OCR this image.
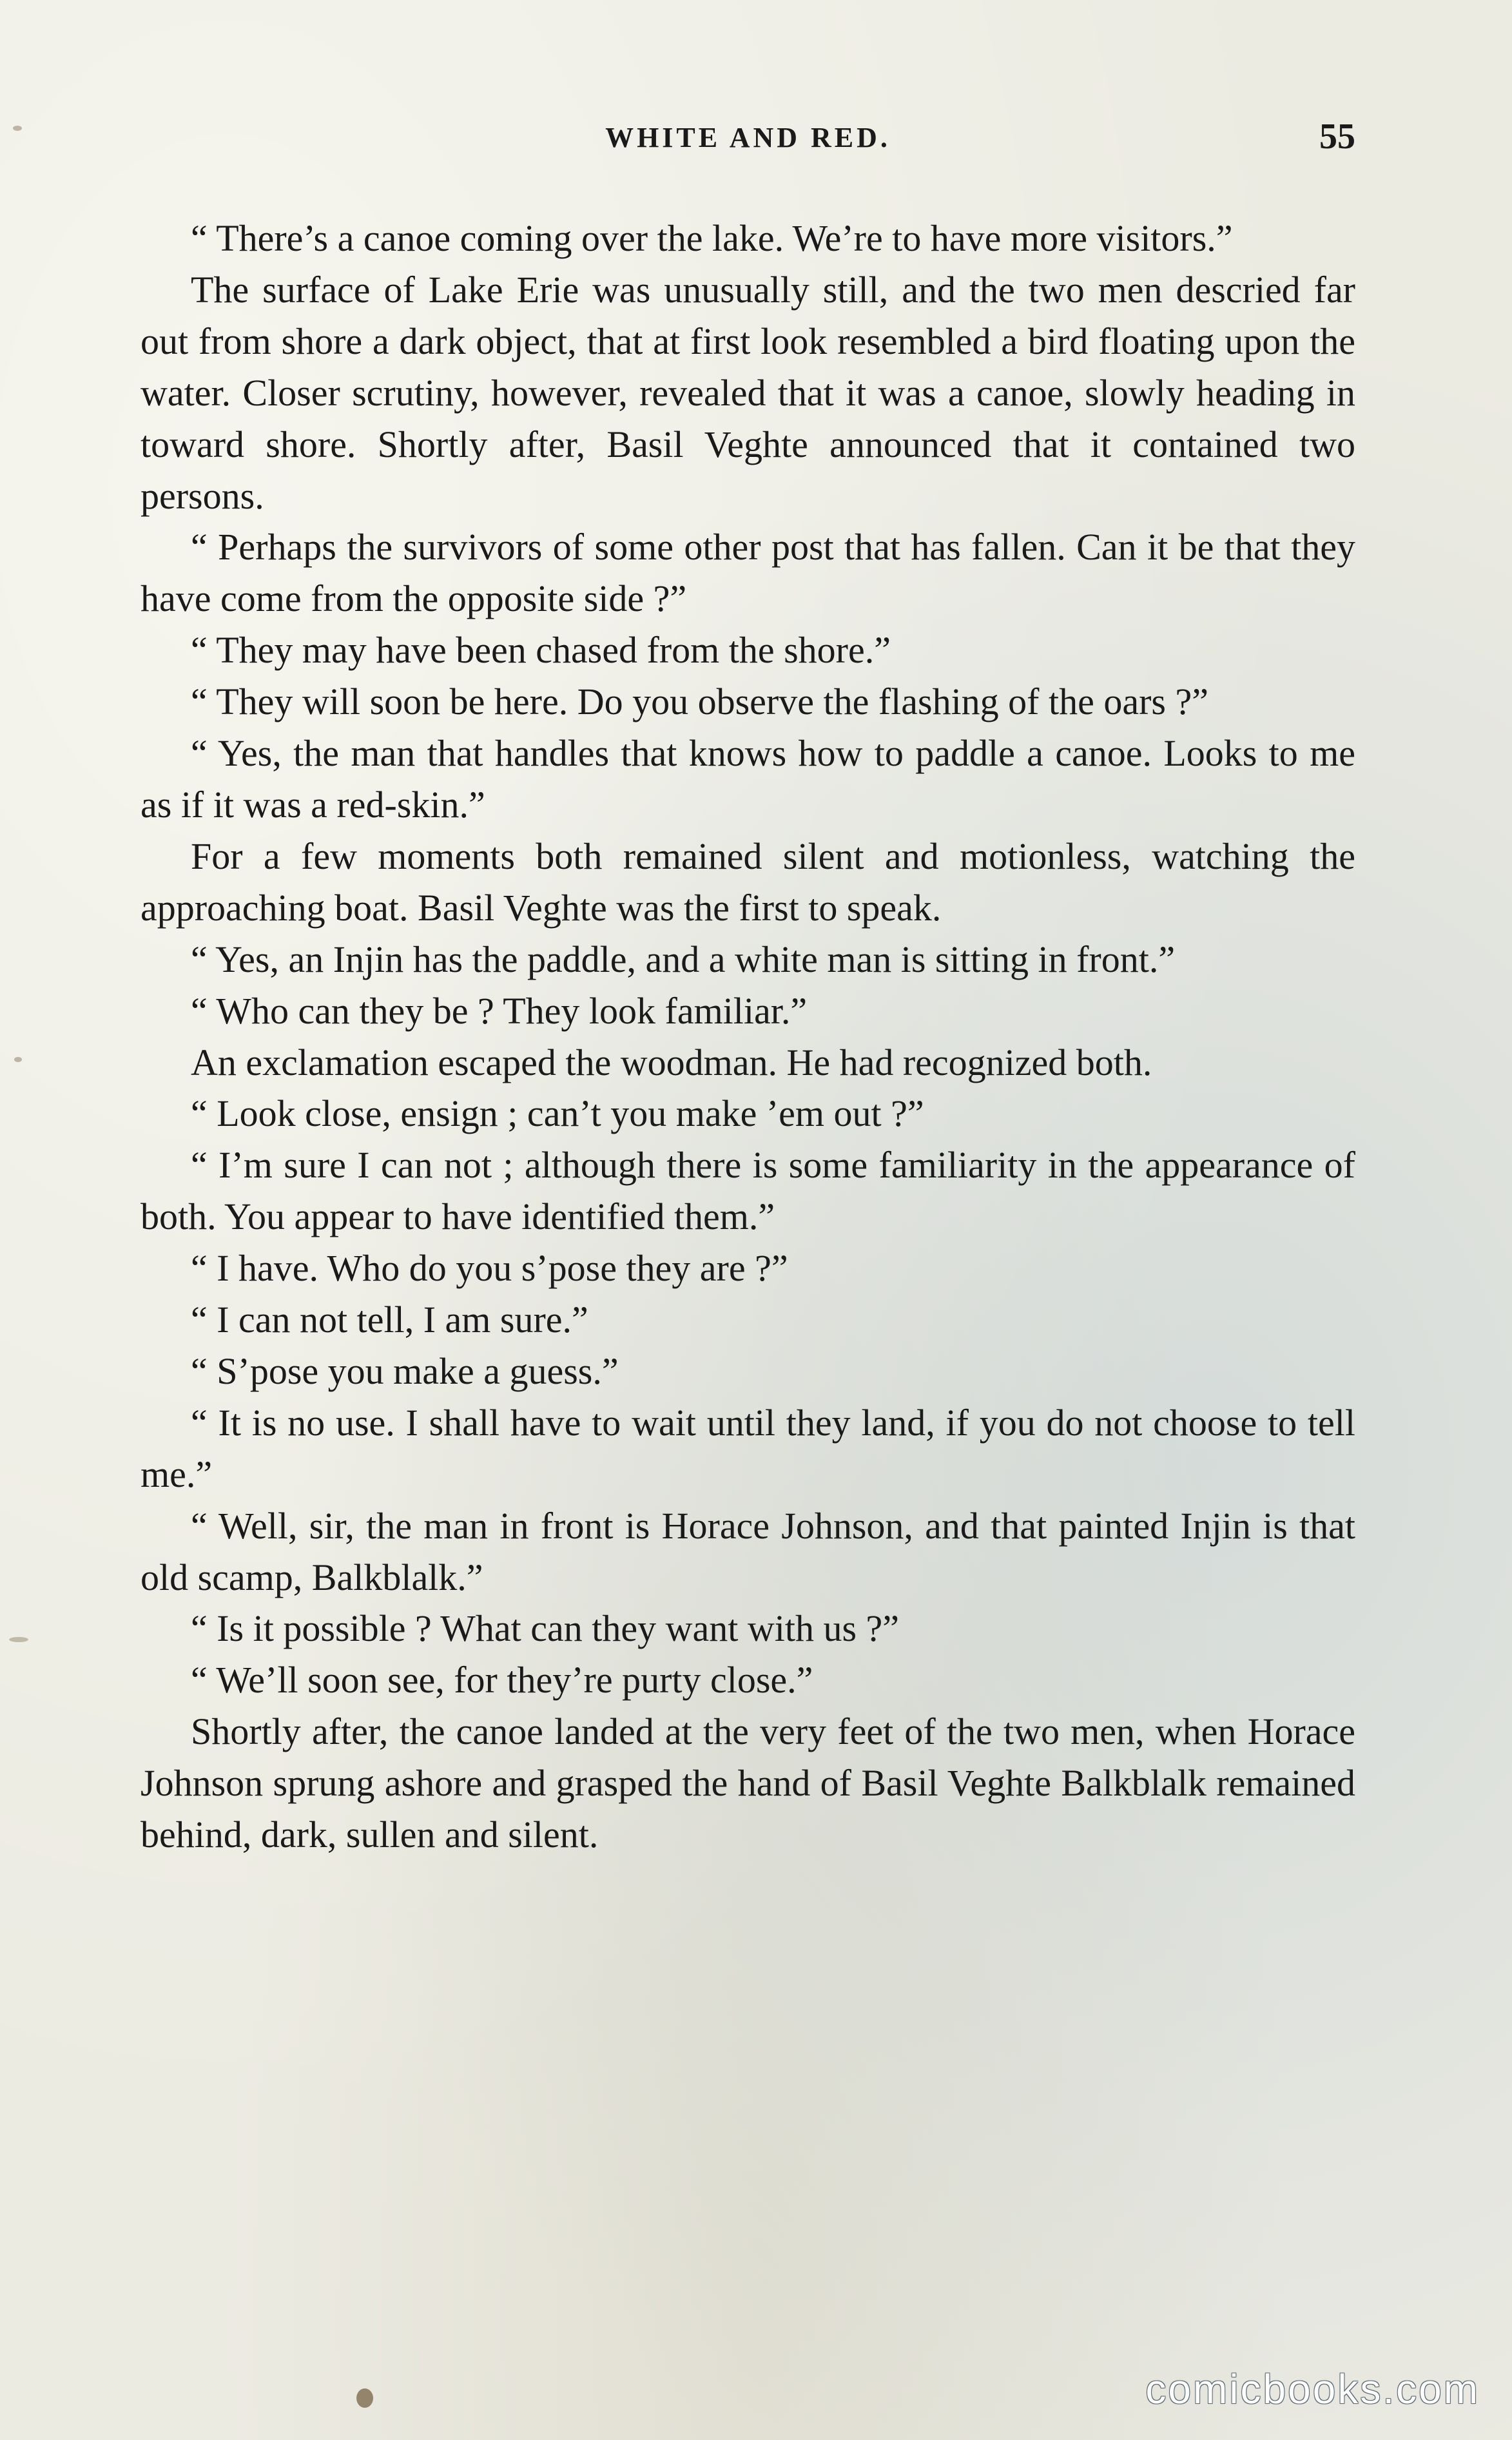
WHITE AND RED.	55

“ There’s a canoe coming over the lake. We’re to have more visitors.”

The surface of Lake Erie was unusually still, and the two men descried far out from shore a dark object, that at first look resembled a bird floating upon the water. Closer scrutiny, however, revealed that it was a canoe, slowly heading in toward shore. Shortly after, Basil Veghte announced that it contained two persons.

“ Perhaps the survivors of some other post that has fallen. Can it be that they have come from the opposite side ?”

“ They may have been chased from the shore.”

“ They will soon be here. Do you observe the flashing of the oars ?”

“ Yes, the man that handles that knows how to paddle a canoe. Looks to me as if it was a red-skin.”

For a few moments both remained silent and motionless, watching the approaching boat. Basil Veghte was the first to speak.

“ Yes, an Injin has the paddle, and a white man is sitting in front.”

“ Who can they be ? They look familiar.”

An exclamation escaped the woodman. He had recognized both.

“ Look close, ensign ; can’t you make ’em out ?”

“ I’m sure I can not ; although there is some familiarity in the appearance of both. You appear to have identified them.”

“ I have. Who do you s’pose they are ?”

“ I can not tell, I am sure.”

“ S’pose you make a guess.”

“ It is no use. I shall have to wait until they land, if you do not choose to tell me.”

“ Well, sir, the man in front is Horace Johnson, and that painted Injin is that old scamp, Balkblalk.”

“ Is it possible ? What can they want with us ?”

“ We’ll soon see, for they’re purty close.”

Shortly after, the canoe landed at the very feet of the two men, when Horace Johnson sprung ashore and grasped the hand of Basil Veghte Balkblalk remained behind, dark, sullen and silent.

comicbooks.com
